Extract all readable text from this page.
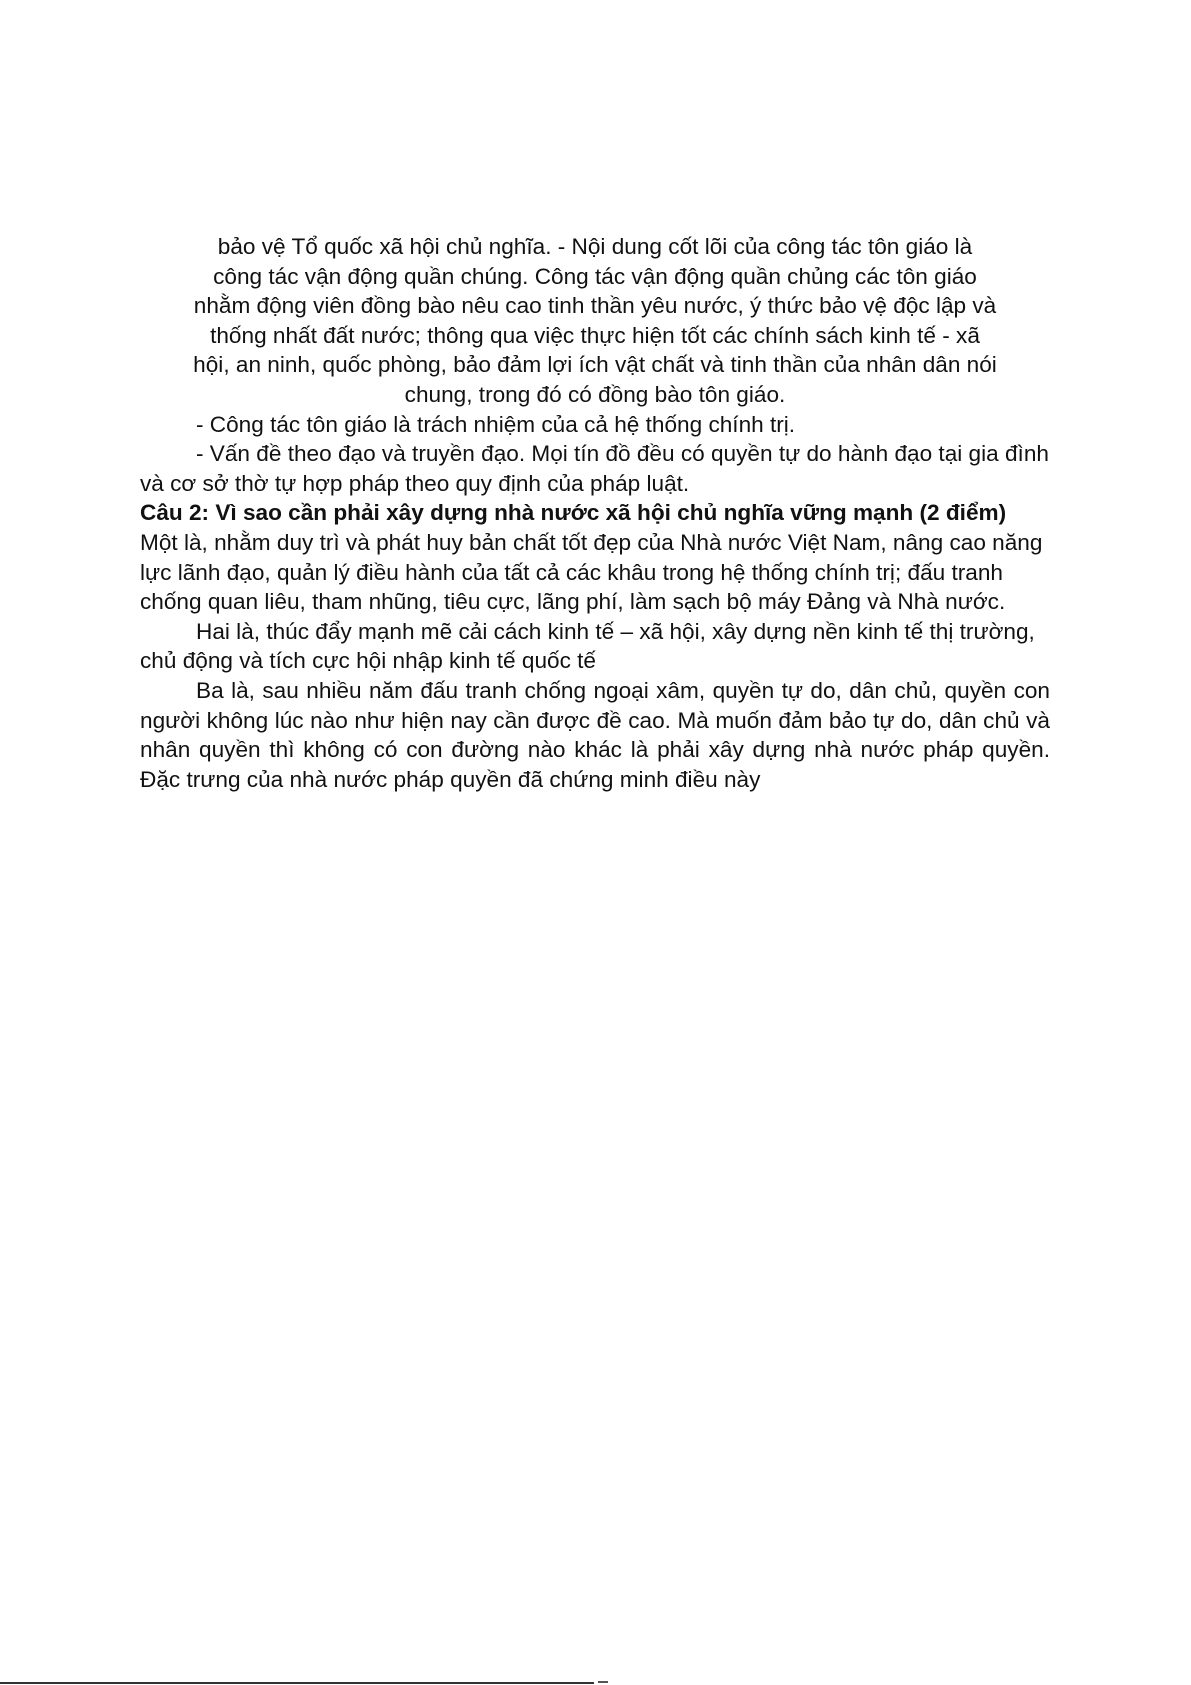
bảo vệ Tổ quốc xã hội chủ nghĩa. - Nội dung cốt lõi của công tác tôn giáo là
công tác vận động quần chúng. Công tác vận động quần chủng các tôn giáo
nhằm động viên đồng bào nêu cao tinh thần yêu nước, ý thức bảo vệ độc lập và
thống nhất đất nước; thông qua việc thực hiện tốt các chính sách kinh tế - xã
hội, an ninh, quốc phòng, bảo đảm lợi ích vật chất và tinh thần của nhân dân nói
chung, trong đó có đồng bào tôn giáo.
- Công tác tôn giáo là trách nhiệm của cả hệ thống chính trị.
- Vấn đề theo đạo và truyền đạo. Mọi tín đồ đều có quyền tự do hành đạo tại gia đình và cơ sở thờ tự hợp pháp theo quy định của pháp luật.
Câu 2: Vì sao cần phải xây dựng nhà nước xã hội chủ nghĩa vững mạnh (2 điểm) Một là, nhằm duy trì và phát huy bản chất tốt đẹp của Nhà nước Việt Nam, nâng cao năng lực lãnh đạo, quản lý điều hành của tất cả các khâu trong hệ thống chính trị; đấu tranh chống quan liêu, tham nhũng, tiêu cực, lãng phí, làm sạch bộ máy Đảng và Nhà nước.
Hai là, thúc đẩy mạnh mẽ cải cách kinh tế – xã hội, xây dựng nền kinh tế thị trường, chủ động và tích cực hội nhập kinh tế quốc tế
Ba là, sau nhiều năm đấu tranh chống ngoại xâm, quyền tự do, dân chủ, quyền con người không lúc nào như hiện nay cần được đề cao. Mà muốn đảm bảo tự do, dân chủ và nhân quyền thì không có con đường nào khác là phải xây dựng nhà nước pháp quyền. Đặc trưng của nhà nước pháp quyền đã chứng minh điều này
